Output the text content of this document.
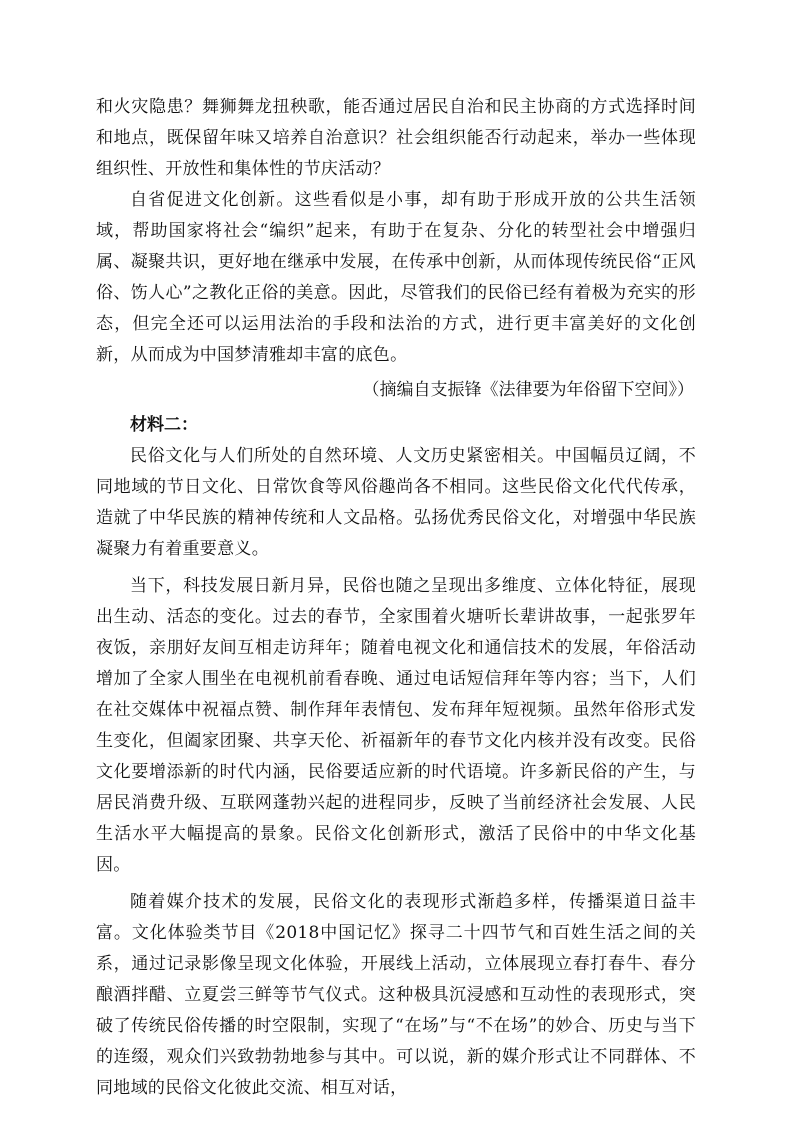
和火灾隐患？舞狮舞龙扭秧歌，能否通过居民自治和民主协商的方式选择时间和地点，既保留年味又培养自治意识？社会组织能否行动起来，举办一些体现组织性、开放性和集体性的节庆活动？

自省促进文化创新。这些看似是小事，却有助于形成开放的公共生活领域，帮助国家将社会“编织”起来，有助于在复杂、分化的转型社会中增强归属、凝聚共识，更好地在继承中发展，在传承中创新，从而体现传统民俗“正风俗、饬人心”之教化正俗的美意。因此，尽管我们的民俗已经有着极为充实的形态，但完全还可以运用法治的手段和法治的方式，进行更丰富美好的文化创新，从而成为中国梦清雅却丰富的底色。

（摘编自支振锋《法律要为年俗留下空间》）

材料二：

民俗文化与人们所处的自然环境、人文历史紧密相关。中国幅员辽阔，不同地域的节日文化、日常饮食等风俗趣尚各不相同。这些民俗文化代代传承，造就了中华民族的精神传统和人文品格。弘扬优秀民俗文化，对增强中华民族凝聚力有着重要意义。

当下，科技发展日新月异，民俗也随之呈现出多维度、立体化特征，展现出生动、活态的变化。过去的春节，全家围着火塘听长辈讲故事，一起张罗年夜饭，亲朋好友间互相走访拜年；随着电视文化和通信技术的发展，年俗活动增加了全家人围坐在电视机前看春晚、通过电话短信拜年等内容；当下，人们在社交媒体中祝福点赞、制作拜年表情包、发布拜年短视频。虽然年俗形式发生变化，但阖家团聚、共享天伦、祈福新年的春节文化内核并没有改变。民俗文化要增添新的时代内涵，民俗要适应新的时代语境。许多新民俗的产生，与居民消费升级、互联网蓬勃兴起的进程同步，反映了当前经济社会发展、人民生活水平大幅提高的景象。民俗文化创新形式，激活了民俗中的中华文化基因。

随着媒介技术的发展，民俗文化的表现形式渐趋多样，传播渠道日益丰富。文化体验类节目《2018中国记忆》探寻二十四节气和百姓生活之间的关系，通过记录影像呈现文化体验，开展线上活动，立体展现立春打春牛、春分酿酒拌醋、立夏尝三鲜等节气仪式。这种极具沉浸感和互动性的表现形式，突破了传统民俗传播的时空限制，实现了“在场”与“不在场”的妙合、历史与当下的连缀，观众们兴致勃勃地参与其中。可以说，新的媒介形式让不同群体、不同地域的民俗文化彼此交流、相互对话，
